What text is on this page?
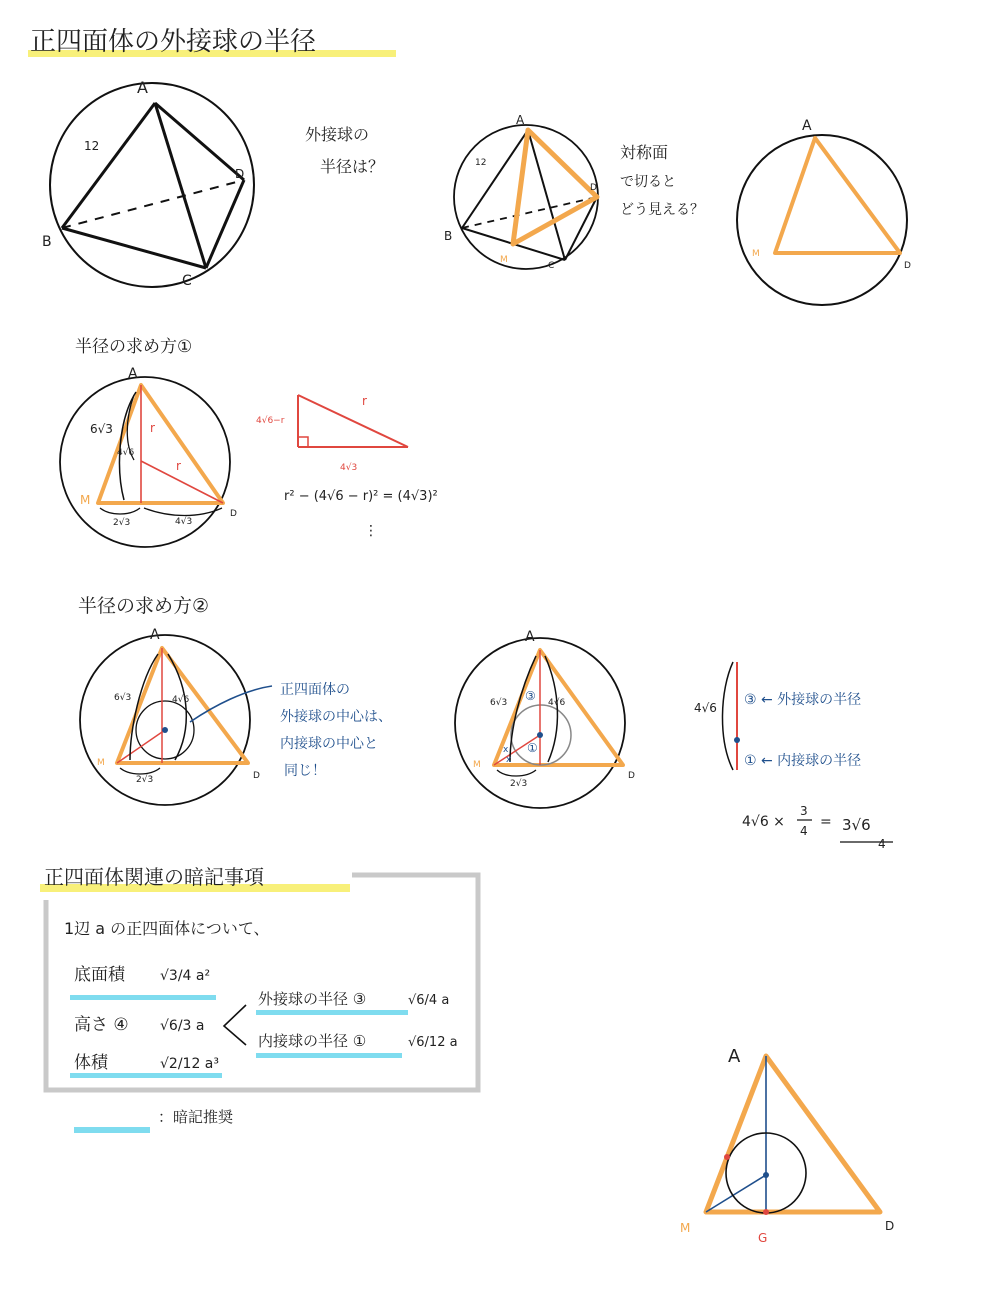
正四面体の外接球の半径
A
B
C
D
12
外接球の
半径は？
A
B
C
D
M
12
対称面
で切ると
どう見える？
A
M
D
半径の求め方①
A
M
D
6√3
4√6
2√3	4√3
r
r
4√6−r
r
4√3
r² − (4√6 − r)² = (4√3)²
⋮
半径の求め方②
A
M
D
6√3	4√6
2√3
正四面体の
外接球の中心は、
内接球の中心と
同じ！
A
M
D
6√3	4√6
2√3
③
①
x
x
4√6 ③ ← 外接球の半径
① ← 内接球の半径
4√6 ×
3
4
= 3√6
4
正四面体関連の暗記事項
1辺 a の正四面体について、
底面積	√3/4 a²
高さ ④ √6/3 a
体積	√2/12 a³
外接球の半径 ③	√6/4 a
内接球の半径 ①	√6/12 a
：暗記推奨
A
M
G
D
